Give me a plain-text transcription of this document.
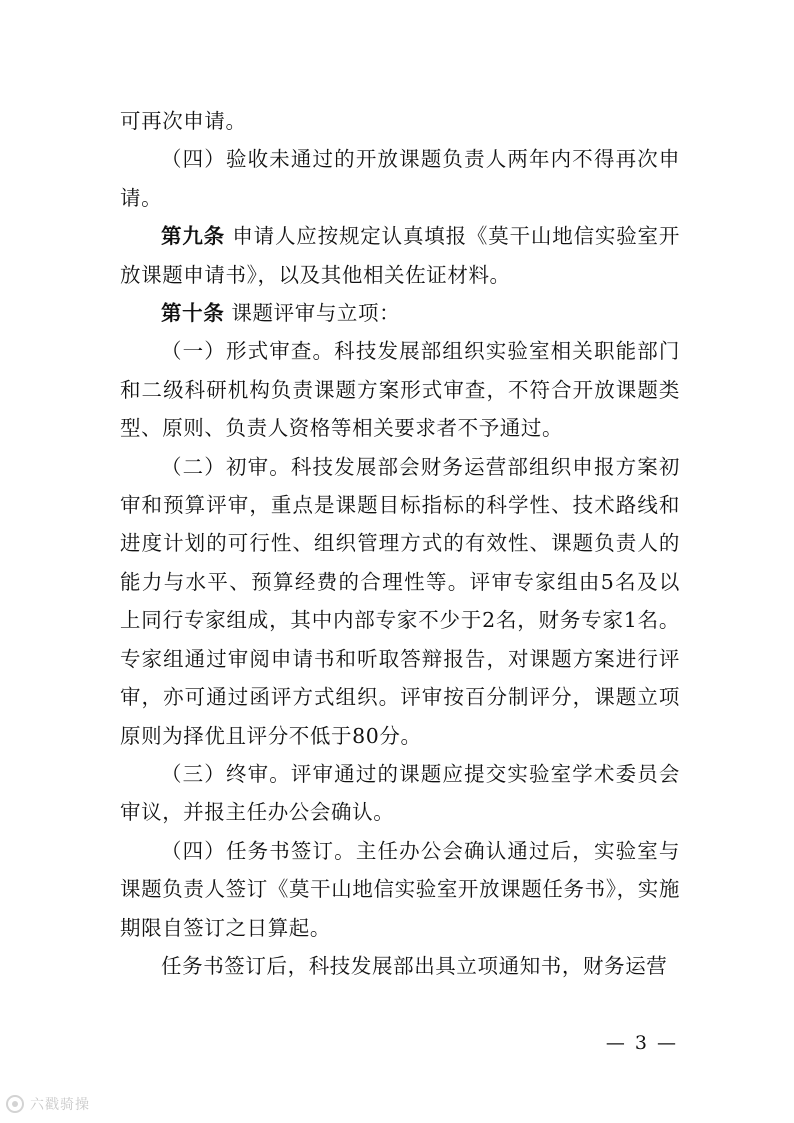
可再次申请。

（四）验收未通过的开放课题负责人两年内不得再次申请。

第九条 申请人应按规定认真填报《莫干山地信实验室开放课题申请书》，以及其他相关佐证材料。

第十条 课题评审与立项：

（一）形式审查。科技发展部组织实验室相关职能部门和二级科研机构负责课题方案形式审查，不符合开放课题类型、原则、负责人资格等相关要求者不予通过。

（二）初审。科技发展部会财务运营部组织申报方案初审和预算评审，重点是课题目标指标的科学性、技术路线和进度计划的可行性、组织管理方式的有效性、课题负责人的能力与水平、预算经费的合理性等。评审专家组由5名及以上同行专家组成，其中内部专家不少于2名，财务专家1名。专家组通过审阅申请书和听取答辩报告，对课题方案进行评审，亦可通过函评方式组织。评审按百分制评分，课题立项原则为择优且评分不低于80分。

（三）终审。评审通过的课题应提交实验室学术委员会审议，并报主任办公会确认。

（四）任务书签订。主任办公会确认通过后，实验室与课题负责人签订《莫干山地信实验室开放课题任务书》，实施期限自签订之日算起。

任务书签订后，科技发展部出具立项通知书，财务运营

— 3 —
六戳骑操
